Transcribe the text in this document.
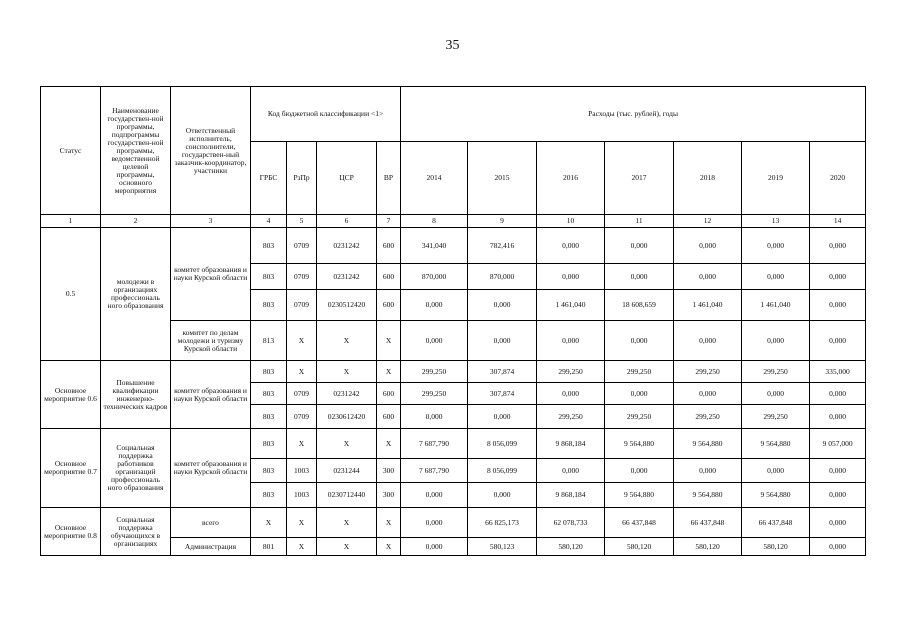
35
Статус	Наименование государствен-ной программы, подпрограммы государствен-ной программы, ведомственной целевой программы, основного мероприятия	Ответственный исполнитель, соисполнители, государствен-ный заказчик-координатор, участники	Код бюджетной классификации <1>				Расходы (тыс. рублей), годы						
			ГРБС	РзПр	ЦСР	ВР	2014	2015	2016	2017	2018	2019	2020
1	2	3	4	5	6	7	8	9	10	11	12	13	14
0.5	молодежи в организациях профессиональ ного образования	комитет образования и науки Курской области	803	0709	0231242	600	341,040	782,416	0,000	0,000	0,000	0,000	0,000
			803	0709	0231242	600	870,000	870,000	0,000	0,000	0,000	0,000	0,000
			803	0709	0230512420	600	0,000	0,000	1 461,040	18 608,659	1 461,040	1 461,040	0,000
		комитет по делам молодежи и туризму Курской области	813	X	X	X	0,000	0,000	0,000	0,000	0,000	0,000	0,000
Основное мероприятие 0.6	Повышение квалификации инженерно-технических кадров	комитет образования и науки Курской области	803	X	X	X	299,250	307,874	299,250	299,250	299,250	299,250	335,000
			803	0709	0231242	600	299,250	307,874	0,000	0,000	0,000	0,000	0,000
			803	0709	0230612420	600	0,000	0,000	299,250	299,250	299,250	299,250	0,000
Основное мероприятие 0.7	Социальная поддержка работников организаций профессиональ ного образования	комитет образования и науки Курской области	803	X	X	X	7 687,790	8 056,099	9 868,184	9 564,880	9 564,880	9 564,880	9 057,000
			803	1003	0231244	300	7 687,790	8 056,099	0,000	0,000	0,000	0,000	0,000
			803	1003	0230712440	300	0,000	0,000	9 868,184	9 564,880	9 564,880	9 564,880	0,000
Основное мероприятие 0.8	Социальная поддержка обучающихся в организациях	всего	X	X	X	X	0,000	66 825,173	62 078,733	66 437,848	66 437,848	66 437,848	0,000
		Администрация	801	X	X	X	0,000	580,123	580,120	580,120	580,120	580,120	0,000
